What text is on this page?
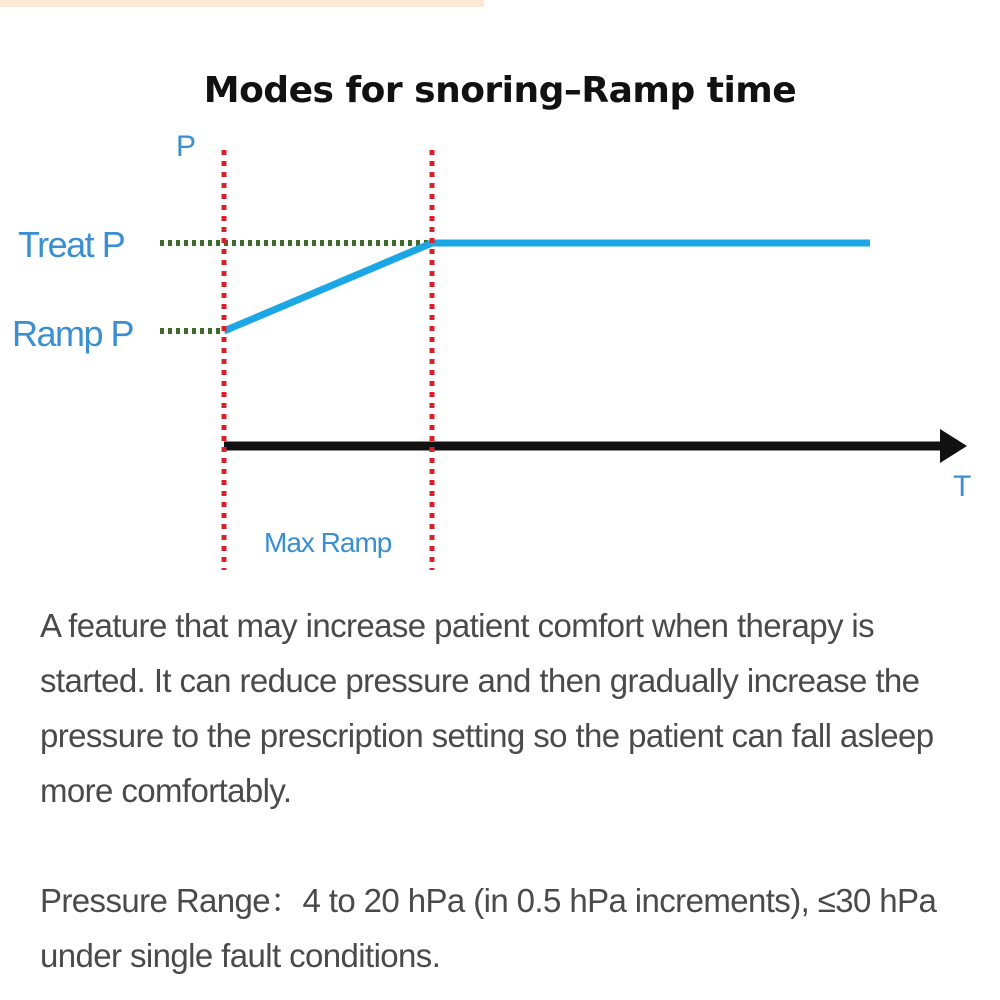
Modes for snoring–Ramp time
P
T
Treat P
Ramp P
Max Ramp

A feature that may increase patient comfort when therapy is started. It can reduce pressure and then gradually increase the pressure to the prescription setting so the patient can fall asleep more comfortably.

Pressure Range：4 to 20 hPa (in 0.5 hPa increments), ≤30 hPa under single fault conditions.
